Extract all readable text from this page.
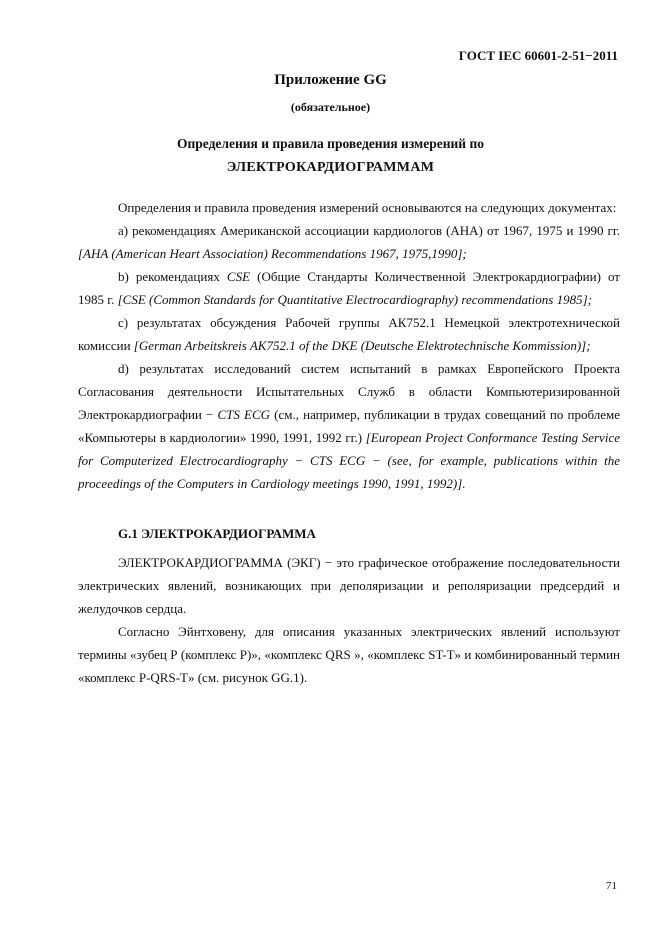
ГОСТ IEC 60601-2-51−2011
Приложение GG
(обязательное)
Определения и правила проведения измерений по
ЭЛЕКТРОКАРДИОГРАММАМ

Определения и правила проведения измерений основываются на следующих документах:

а) рекомендациях Американской ассоциации кардиологов (АНА) от 1967, 1975 и 1990 гг. [AHA (American Heart Association) Recommendations 1967, 1975,1990];

b) рекомендациях CSE (Общие Стандарты Количественной Электрокардиографии) от 1985 г. [CSE (Common Standards for Quantitative Electrocardiography) recommendations 1985];

с) результатах обсуждения Рабочей группы АК752.1 Немецкой электротехнической комиссии [German Arbeitskreis AK752.1 of the DKE (Deutsche Elektrotechnische Kommission)];

d) результатах исследований систем испытаний в рамках Европейского Проекта Согласования деятельности Испытательных Служб в области Компьютеризированной Электрокардиографии − CTS ECG (см., например, публикации в трудах совещаний по проблеме «Компьютеры в кардиологии» 1990, 1991, 1992 гг.) [European Project Conformance Testing Service for Computerized Electrocardiography − CTS ECG − (see, for example, publications within the proceedings of the Computers in Cardiology meetings 1990, 1991, 1992)].

G.1 ЭЛЕКТРОКАРДИОГРАММА

ЭЛЕКТРОКАРДИОГРАММА (ЭКГ) − это графическое отображение последовательности электрических явлений, возникающих при деполяризации и реполяризации предсердий и желудочков сердца.

Согласно Эйнтховену, для описания указанных электрических явлений используют термины «зубец Р (комплекс Р)», «комплекс QRS », «комплекс ST-T» и комбинированный термин «комплекс P-QRS-T» (см. рисунок GG.1).

71
